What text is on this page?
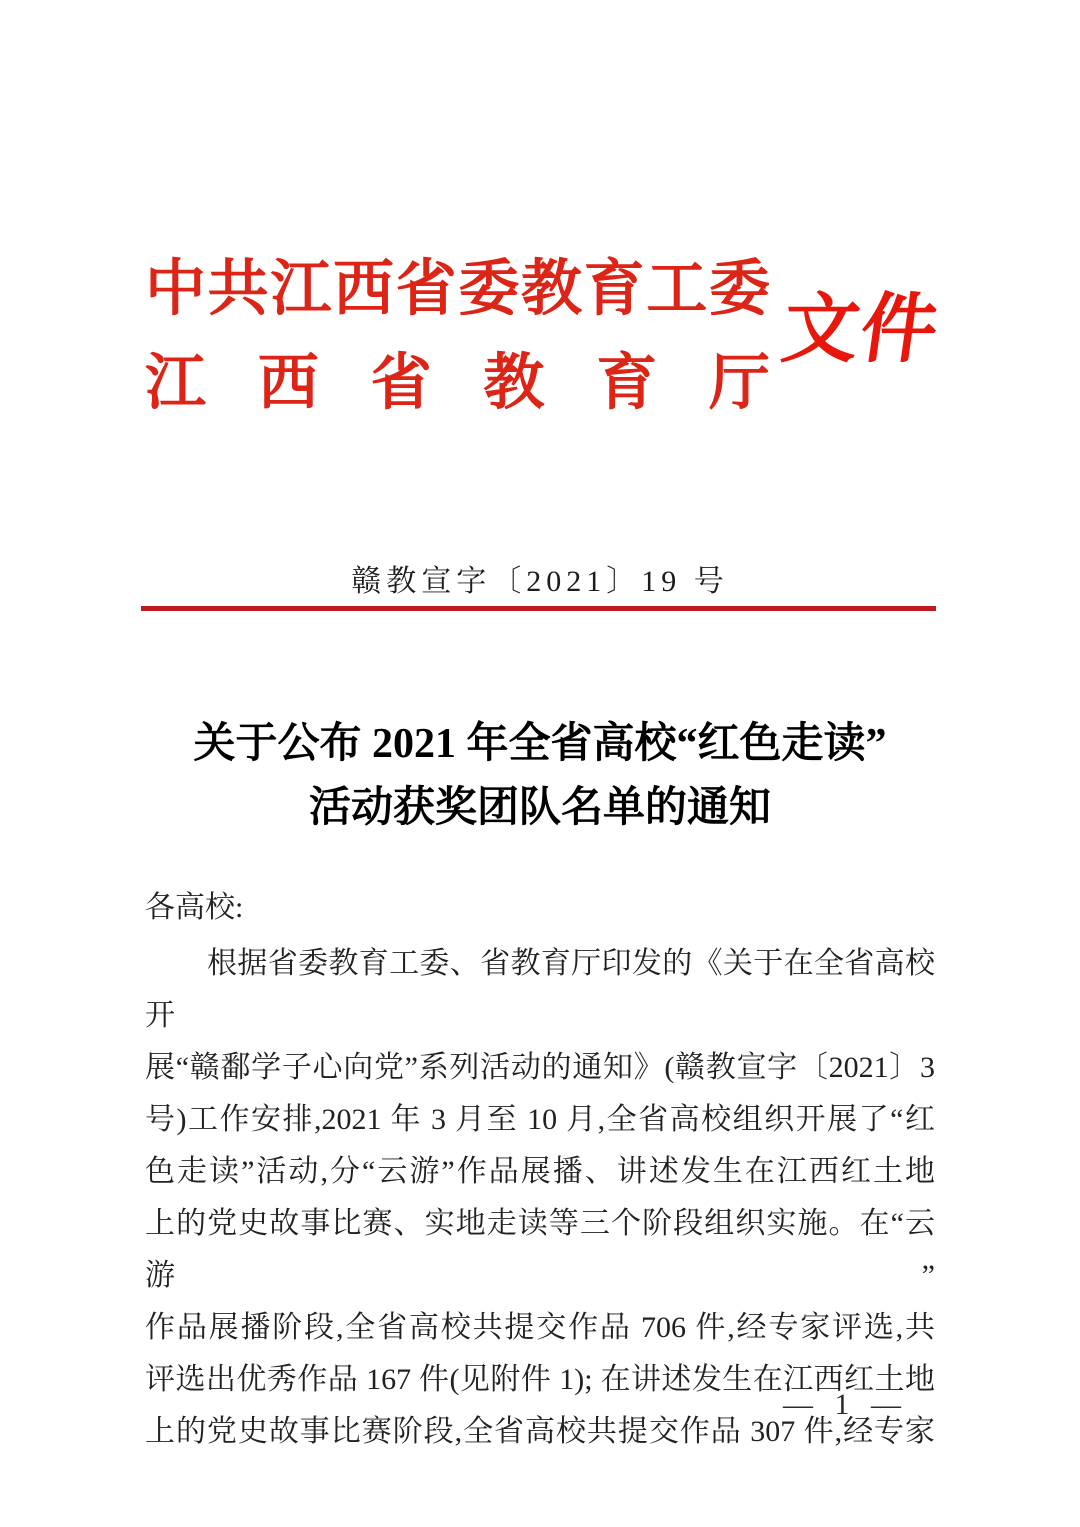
中共江西省委教育工委
江西省教育厅
文件
赣教宣字〔2021〕19 号
关于公布 2021 年全省高校“红色走读”
活动获奖团队名单的通知
各高校:
根据省委教育工委、省教育厅印发的《关于在全省高校开
展“赣鄱学子心向党”系列活动的通知》(赣教宣字〔2021〕3
号)工作安排,2021 年 3 月至 10 月,全省高校组织开展了“红
色走读”活动,分“云游”作品展播、讲述发生在江西红土地
上的党史故事比赛、实地走读等三个阶段组织实施。在“云游”
作品展播阶段,全省高校共提交作品 706 件,经专家评选,共
评选出优秀作品 167 件(见附件 1); 在讲述发生在江西红土地
上的党史故事比赛阶段,全省高校共提交作品 307 件,经专家
— 1 —
